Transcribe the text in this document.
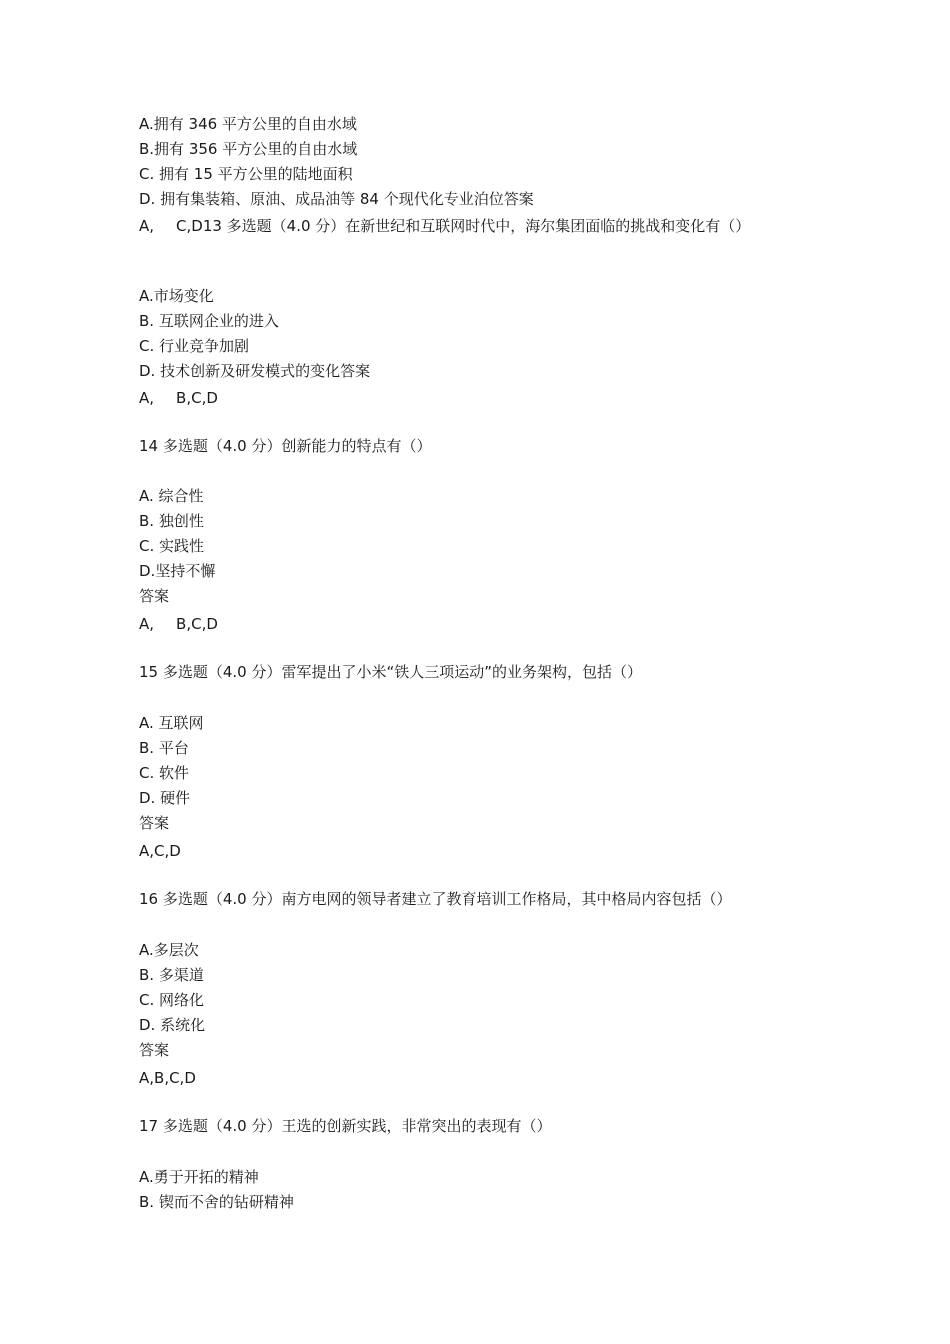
A.拥有 346 平方公里的自由水域
B.拥有 356 平方公里的自由水域
C. 拥有 15 平方公里的陆地面积
D. 拥有集装箱、原油、成品油等 84 个现代化专业泊位答案
A, C,D13 多选题（4.0 分）在新世纪和互联网时代中，海尔集团面临的挑战和变化有（）
A.市场变化
B. 互联网企业的进入
C. 行业竞争加剧
D. 技术创新及研发模式的变化答案
A, B,C,D
14 多选题（4.0 分）创新能力的特点有（）
A. 综合性
B. 独创性
C. 实践性
D.坚持不懈
答案
A, B,C,D
15 多选题（4.0 分）雷军提出了小米“铁人三项运动”的业务架构，包括（）
A. 互联网
B. 平台
C. 软件
D. 硬件
答案
A,C,D
16 多选题（4.0 分）南方电网的领导者建立了教育培训工作格局，其中格局内容包括（）
A.多层次
B. 多渠道
C. 网络化
D. 系统化
答案
A,B,C,D
17 多选题（4.0 分）王选的创新实践，非常突出的表现有（）
A.勇于开拓的精神
B. 锲而不舍的钻研精神
